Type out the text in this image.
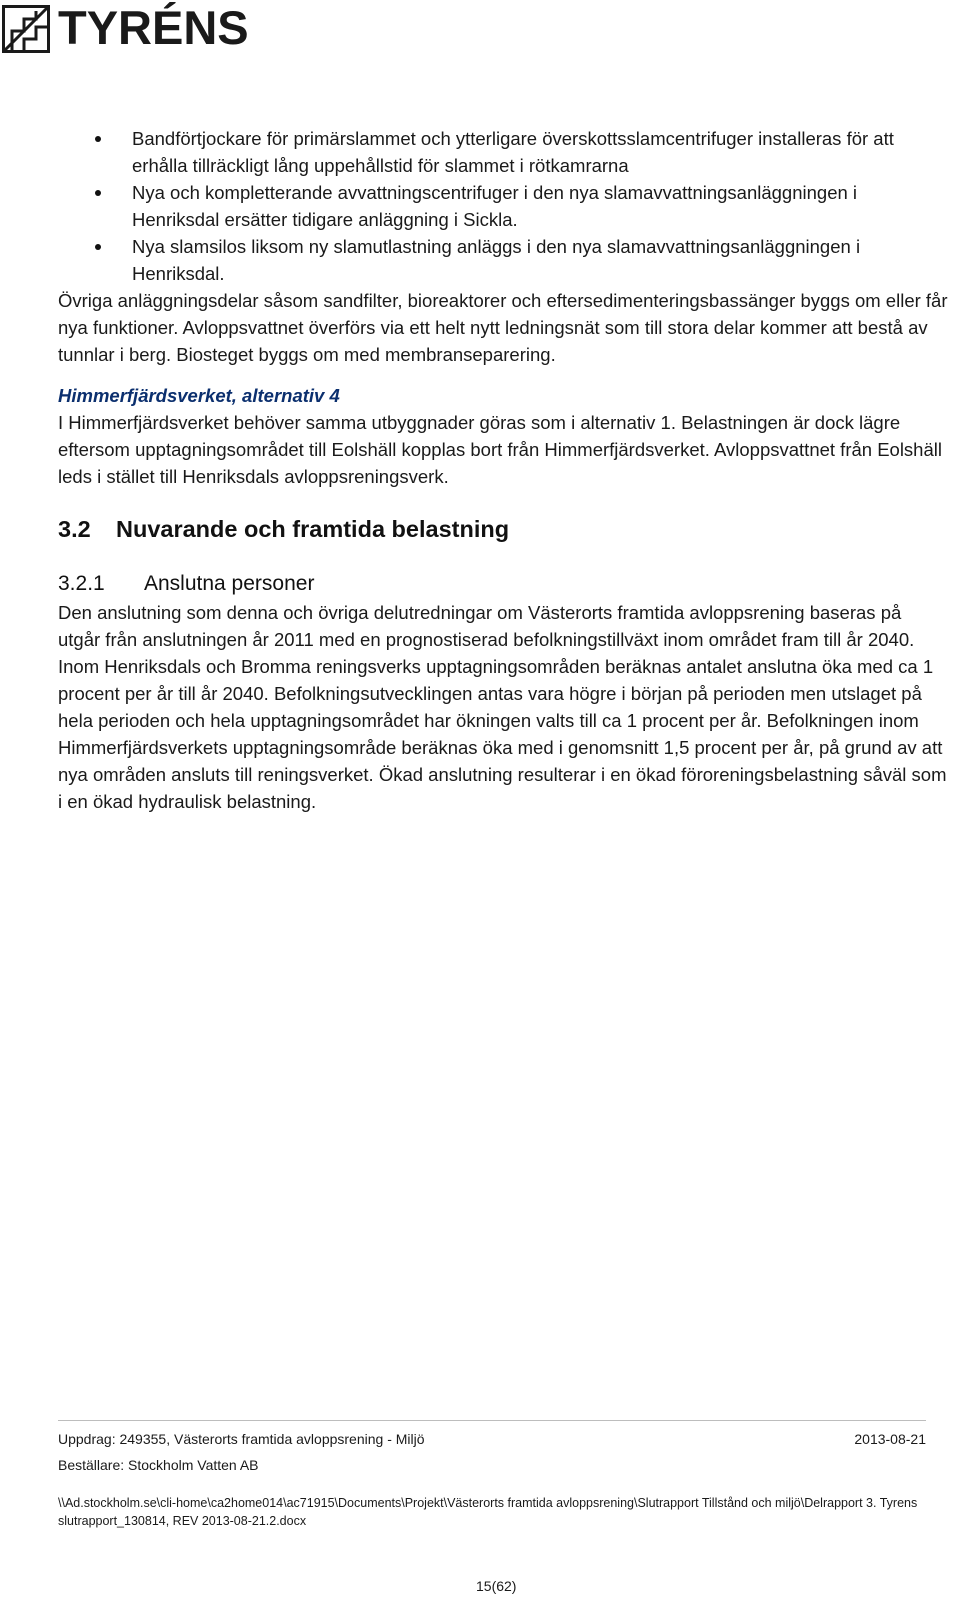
TYRÉNS
Bandförtjockare för primärslammet och ytterligare överskottsslamcentrifuger installeras för att erhålla tillräckligt lång uppehållstid för slammet i rötkamrarna
Nya och kompletterande avvattningscentrifuger i den nya slamavvattningsanläggningen i Henriksdal ersätter tidigare anläggning i Sickla.
Nya slamsilos liksom ny slamutlastning anläggs i den nya slamavvattningsanläggningen i Henriksdal.

Övriga anläggningsdelar såsom sandfilter, bioreaktorer och eftersedimenteringsbassänger byggs om eller får nya funktioner. Avloppsvattnet överförs via ett helt nytt ledningsnät som till stora delar kommer att bestå av tunnlar i berg. Biosteget byggs om med membranseparering.

Himmerfjärdsverket, alternativ 4

I Himmerfjärdsverket behöver samma utbyggnader göras som i alternativ 1. Belastningen är dock lägre eftersom upptagningsområdet till Eolshäll kopplas bort från Himmerfjärdsverket. Avloppsvattnet från Eolshäll leds i stället till Henriksdals avloppsreningsverk.

3.2 Nuvarande och framtida belastning
3.2.1 Anslutna personer

Den anslutning som denna och övriga delutredningar om Västerorts framtida avloppsrening baseras på utgår från anslutningen år 2011 med en prognostiserad befolkningstillväxt inom området fram till år 2040. Inom Henriksdals och Bromma reningsverks upptagningsområden beräknas antalet anslutna öka med ca 1 procent per år till år 2040. Befolkningsutvecklingen antas vara högre i början på perioden men utslaget på hela perioden och hela upptagningsområdet har ökningen valts till ca 1 procent per år. Befolkningen inom Himmerfjärdsverkets upptagningsområde beräknas öka med i genomsnitt 1,5 procent per år, på grund av att nya områden ansluts till reningsverket. Ökad anslutning resulterar i en ökad föroreningsbelastning såväl som i en ökad hydraulisk belastning.

Uppdrag: 249355, Västerorts framtida avloppsrening - Miljö	2013-08-21
Beställare: Stockholm Vatten AB
\\Ad.stockholm.se\cli-home\ca2home014\ac71915\Documents\Projekt\Västerorts framtida avloppsrening\Slutrapport Tillstånd och miljö\Delrapport 3. Tyrens slutrapport_130814, REV 2013-08-21.2.docx
15(62)
